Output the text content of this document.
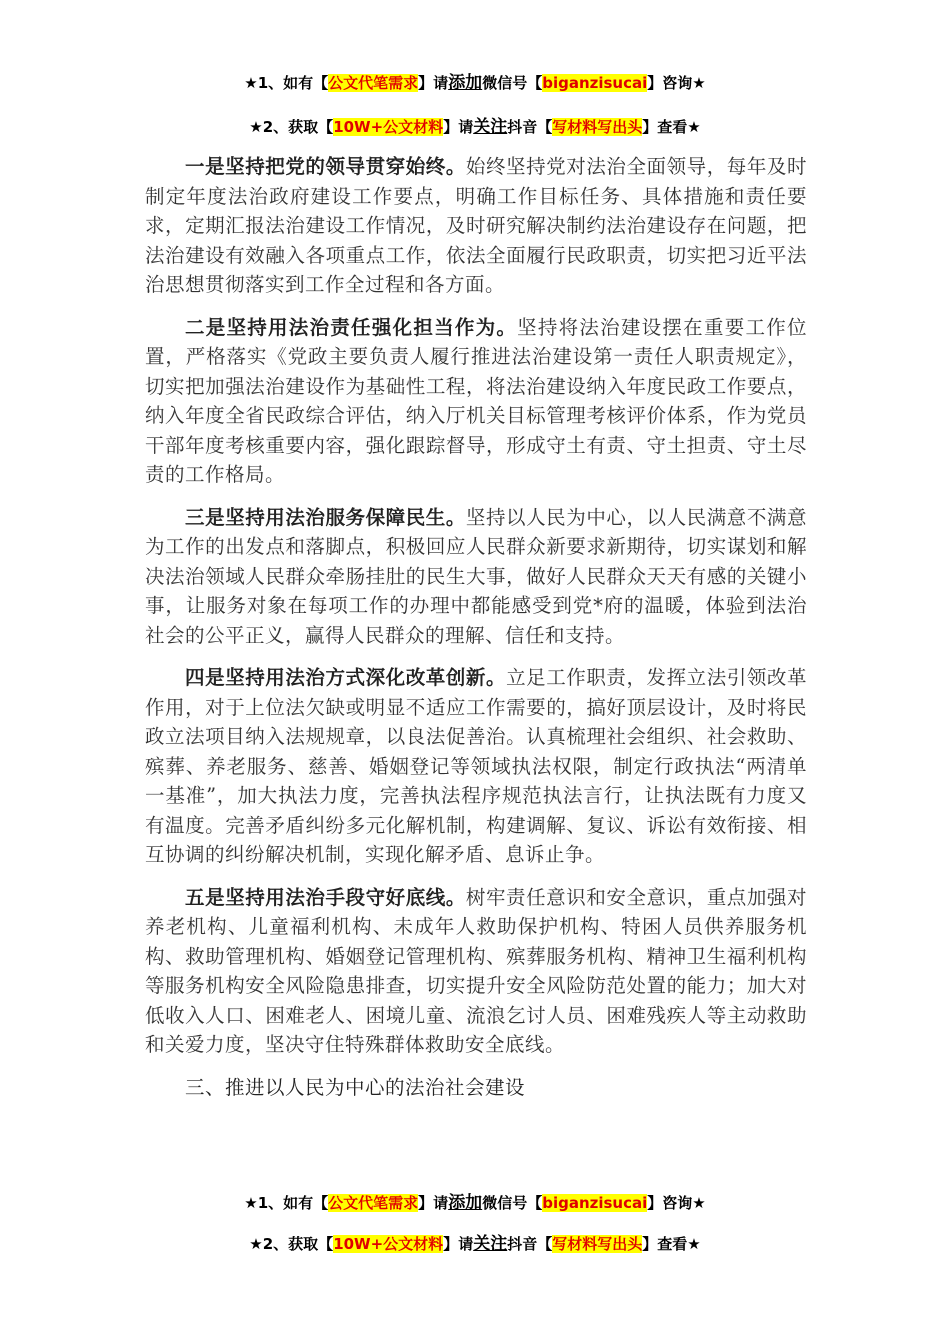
★1、如有【公文代笔需求】请添加微信号【biganzisucai】咨询★
★2、获取【10W+公文材料】请关注抖音【写材料写出头】查看★

一是坚持把党的领导贯穿始终。始终坚持党对法治全面领导，每年及时制定年度法治政府建设工作要点，明确工作目标任务、具体措施和责任要求，定期汇报法治建设工作情况，及时研究解决制约法治建设存在问题，把法治建设有效融入各项重点工作，依法全面履行民政职责，切实把习近平法治思想贯彻落实到工作全过程和各方面。

二是坚持用法治责任强化担当作为。坚持将法治建设摆在重要工作位置，严格落实《党政主要负责人履行推进法治建设第一责任人职责规定》，切实把加强法治建设作为基础性工程，将法治建设纳入年度民政工作要点，纳入年度全省民政综合评估，纳入厅机关目标管理考核评价体系，作为党员干部年度考核重要内容，强化跟踪督导，形成守土有责、守土担责、守土尽责的工作格局。

三是坚持用法治服务保障民生。坚持以人民为中心，以人民满意不满意为工作的出发点和落脚点，积极回应人民群众新要求新期待，切实谋划和解决法治领域人民群众牵肠挂肚的民生大事，做好人民群众天天有感的关键小事，让服务对象在每项工作的办理中都能感受到党*府的温暖，体验到法治社会的公平正义，赢得人民群众的理解、信任和支持。

四是坚持用法治方式深化改革创新。立足工作职责，发挥立法引领改革作用，对于上位法欠缺或明显不适应工作需要的，搞好顶层设计，及时将民政立法项目纳入法规规章，以良法促善治。认真梳理社会组织、社会救助、殡葬、养老服务、慈善、婚姻登记等领域执法权限，制定行政执法“两清单一基准”，加大执法力度，完善执法程序规范执法言行，让执法既有力度又有温度。完善矛盾纠纷多元化解机制，构建调解、复议、诉讼有效衔接、相互协调的纠纷解决机制，实现化解矛盾、息诉止争。

五是坚持用法治手段守好底线。树牢责任意识和安全意识，重点加强对养老机构、儿童福利机构、未成年人救助保护机构、特困人员供养服务机构、救助管理机构、婚姻登记管理机构、殡葬服务机构、精神卫生福利机构等服务机构安全风险隐患排查，切实提升安全风险防范处置的能力；加大对低收入人口、困难老人、困境儿童、流浪乞讨人员、困难残疾人等主动救助和关爱力度，坚决守住特殊群体救助安全底线。

三、推进以人民为中心的法治社会建设

★1、如有【公文代笔需求】请添加微信号【biganzisucai】咨询★
★2、获取【10W+公文材料】请关注抖音【写材料写出头】查看★
